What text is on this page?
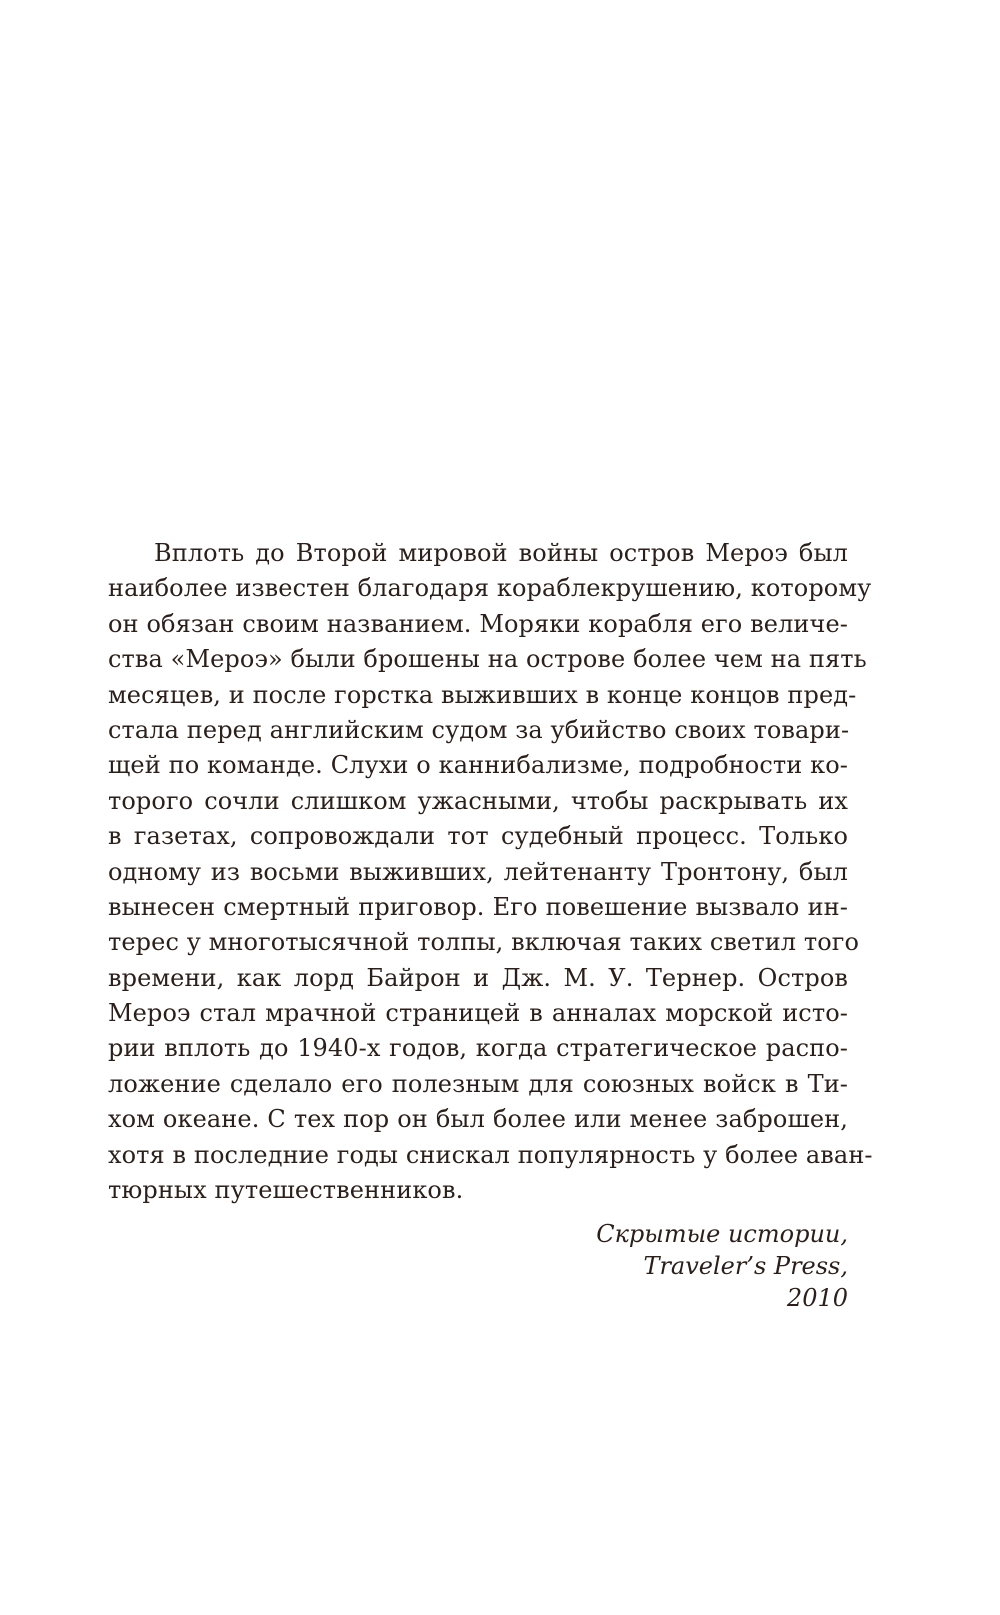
Вплоть до Второй мировой войны остров Мероэ был
наиболее известен благодаря кораблекрушению, которому
он обязан своим названием. Моряки корабля его величе-
ства «Мероэ» были брошены на острове более чем на пять
месяцев, и после горстка выживших в конце концов пред-
стала перед английским судом за убийство своих товари-
щей по команде. Слухи о каннибализме, подробности ко-
торого сочли слишком ужасными, чтобы раскрывать их
в газетах, сопровождали тот судебный процесс. Только
одному из восьми выживших, лейтенанту Тронтону, был
вынесен смертный приговор. Его повешение вызвало ин-
терес у многотысячной толпы, включая таких светил того
времени, как лорд Байрон и Дж. М. У. Тернер. Остров
Мероэ стал мрачной страницей в анналах морской исто-
рии вплоть до 1940-х годов, когда стратегическое распо-
ложение сделало его полезным для союзных войск в Ти-
хом океане. С тех пор он был более или менее заброшен,
хотя в последние годы снискал популярность у более аван-
тюрных путешественников.
Скрытые истории,
Traveler’s Press,
2010
